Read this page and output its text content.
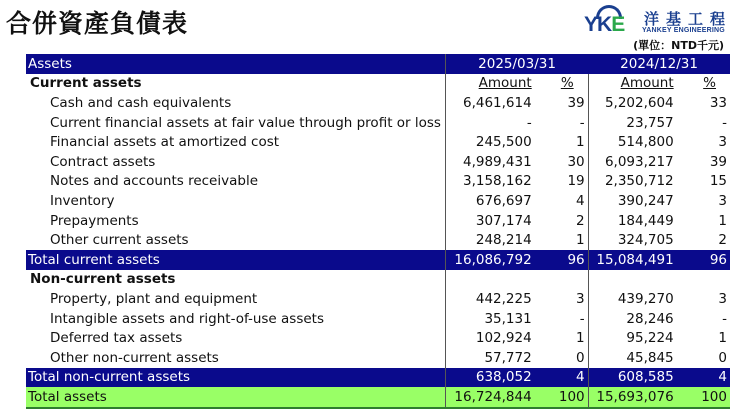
合併資產負債表	YKE 洋基工程
YANKEY ENGINEERING
(單位：NTD千元)
Assets	2025/03/31		2024/12/31	
Current assets	Amount	%	Amount	%
Cash and cash equivalents	6,461,614	39	5,202,604	33
Current financial assets at fair value through profit or loss	-	-	23,757	-
Financial assets at amortized cost	245,500	1	514,800	3
Contract assets	4,989,431	30	6,093,217	39
Notes and accounts receivable	3,158,162	19	2,350,712	15
Inventory	676,697	4	390,247	3
Prepayments	307,174	2	184,449	1
Other current assets	248,214	1	324,705	2
Total current assets	16,086,792	96	15,084,491	96
Non-current assets				
Property, plant and equipment	442,225	3	439,270	3
Intangible assets and right-of-use assets	35,131	-	28,246	-
Deferred tax assets	102,924	1	95,224	1
Other non-current assets	57,772	0	45,845	0
Total non-current assets	638,052	4	608,585	4
Total assets	16,724,844	100	15,693,076	100
